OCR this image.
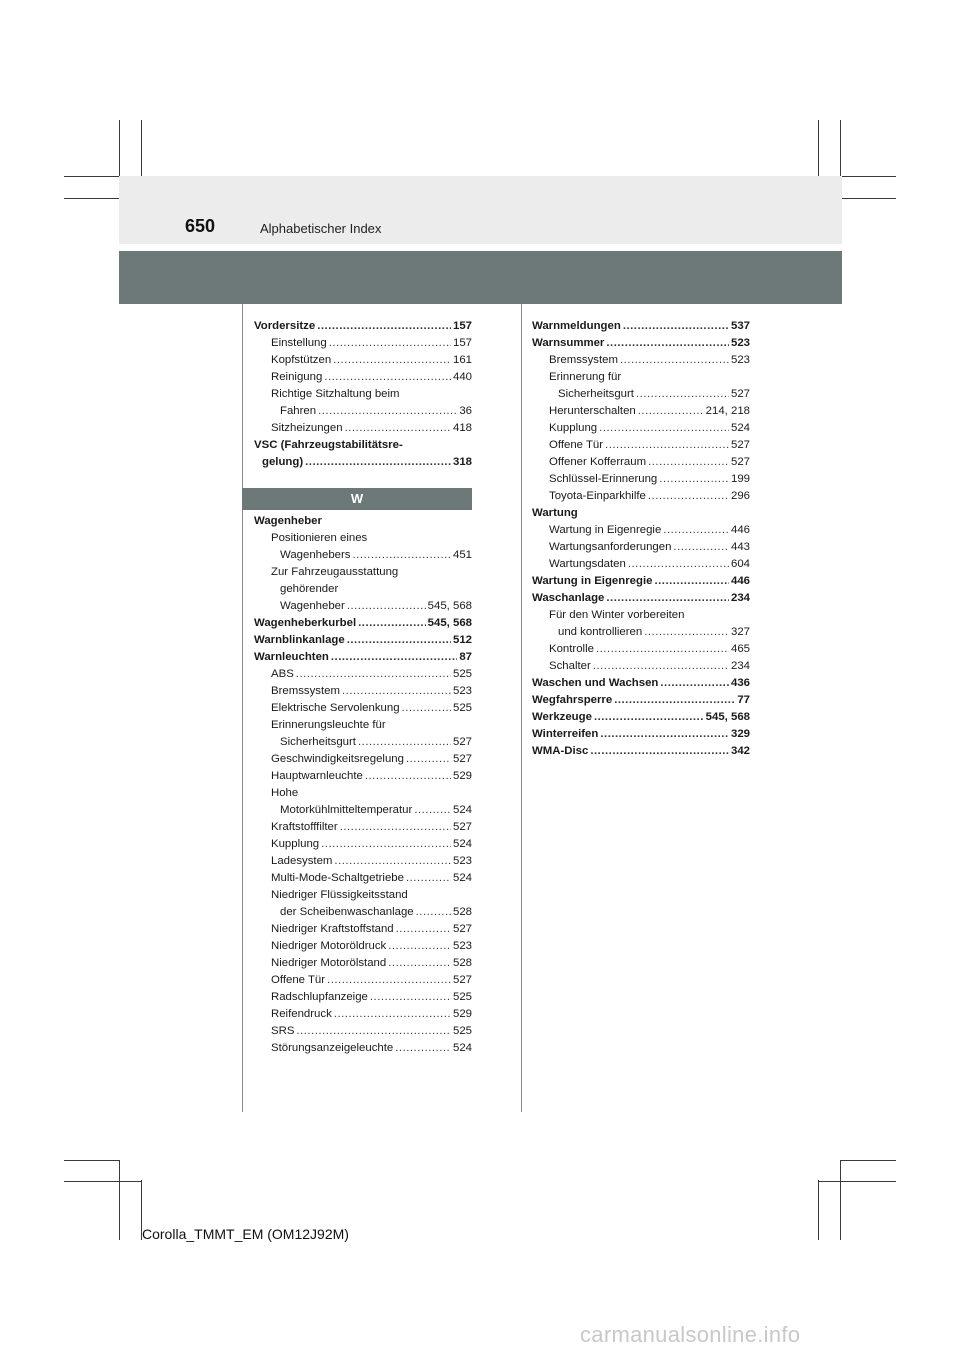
650	Alphabetischer Index
Vordersitze .....	157
Einstellung .....	157
Kopfstützen .....	161
Reinigung .....	440
Richtige Sitzhaltung beim
Fahren .....	36
Sitzheizungen .....	418
VSC (Fahrzeugstabilitätsre-
gelung) .....	318
Wagenheber
Positionieren eines
Wagenhebers .....	451
Zur Fahrzeugausstattung
gehörender
Wagenheber .....	545, 568
Wagenheberkurbel .....	545, 568
Warnblinkanlage .....	512
Warnleuchten .....	87
ABS .....	525
Bremssystem .....	523
Elektrische Servolenkung .....	525
Erinnerungsleuchte für
Sicherheitsgurt .....	527
Geschwindigkeitsregelung .....	527
Hauptwarnleuchte .....	529
Hohe
Motorkühlmitteltemperatur .....	524
Kraftstofffilter .....	527
Kupplung .....	524
Ladesystem .....	523
Multi-Mode-Schaltgetriebe .....	524
Niedriger Flüssigkeitsstand
der Scheibenwaschanlage .....	528
Niedriger Kraftstoffstand .....	527
Niedriger Motoröldruck .....	523
Niedriger Motorölstand .....	528
Offene Tür .....	527
Radschlupfanzeige .....	525
Reifendruck .....	529
SRS .....	525
Störungsanzeigeleuchte .....	524
W
Warnmeldungen .....	537
Warnsummer .....	523
Bremssystem .....	523
Erinnerung für
Sicherheitsgurt .....	527
Herunterschalten .....	214, 218
Kupplung .....	524
Offene Tür .....	527
Offener Kofferraum .....	527
Schlüssel-Erinnerung .....	199
Toyota-Einparkhilfe .....	296
Wartung
Wartung in Eigenregie .....	446
Wartungsanforderungen .....	443
Wartungsdaten .....	604
Wartung in Eigenregie .....	446
Waschanlage .....	234
Für den Winter vorbereiten
und kontrollieren .....	327
Kontrolle .....	465
Schalter .....	234
Waschen und Wachsen .....	436
Wegfahrsperre .....	77
Werkzeuge .....	545, 568
Winterreifen .....	329
WMA-Disc .....	342
Corolla_TMMT_EM (OM12J92M)
carmanualsonline.info
